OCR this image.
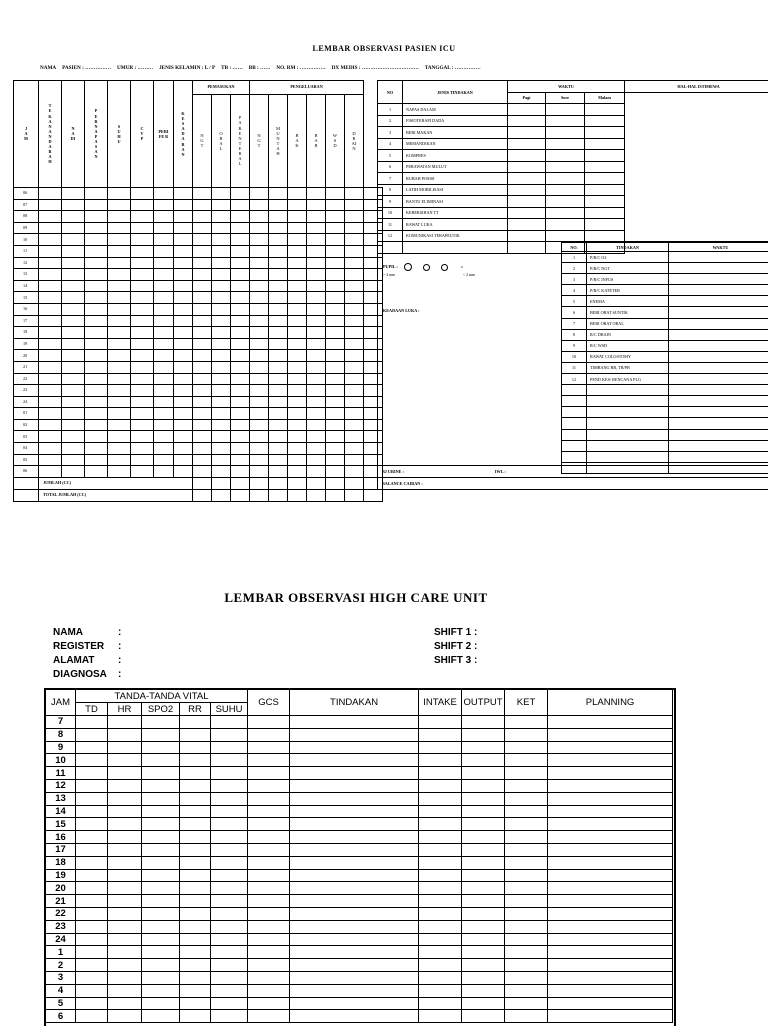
LEMBAR OBSERVASI PASIEN ICU
NAMA PASIEN : …………… UMUR : ……… JENIS KELAMIN : L / P TB : …… BB : …… NO. RM : …………… DX MEDIS : …………………………… TANGGAL : ……………
JAM	TEKANAN DARAH	NADI	PERNAPASAN	SUHU	CVP	PERI FE R	KESADARAN	PEMASUKAN			PENGELUARAN						
								NGT	ORAL	PARENTERAL	NGT	MUNTAH	BAK	BAB	WSD	DRAIN	
06																	
07																	
08																	
09																	
10																	
11																	
12																	
13																	
14																	
15																	
16																	
17																	
18																	
19																	
20																	
21																	
22																	
23																	
24																	
01																	
02																	
03																	
04																	
05																	
06																	
	JUMLAH (CC)																
	TOTAL JUMLAH (CC)																
NO	JENIS TINDAKAN	WAKTU			HAL-HAL ISTIMEWA
		Pagi	Sore	Malam	
1	NAPAS DALAM				
2	FISIOTERAPI DADA				
3	BERI MAKAN				
4	MEMANDIKAN				
5	KOMPRES				
6	PERAWATAN MULUT				
7	RUBAH POSISI				
8	LATIH MOBILISASI				
9	BANTU ELIMINASI				
10	KEBERSIHAN TT				
11	RAWAT LUKA				
12	KOMUNIKASI TERAPEUTIK				

PUPIL :	o
> 4 mm	< 2 mm
KEADAAN LUKA :
NO.	TINDAKAN	WAKTU
1	P/R/C O2	
2	P/R/C NGT	
3	P/R/C INFUS	
4	P/R/C KATETER	
5	ENEMA	
6	BERI OBAT SUNTIK	
7	BERI OBAT ORAL	
8	R/C DRAIN	
9	R/C WSD	
10	RAWAT COLOSTOMY	
11	TIMBANG BB, TB/PB	
12	PEND KES/ RENCANA PLG	

BJ URINE :	IWL :
BALANCE CAIRAN :
LEMBAR OBSERVASI HIGH CARE UNIT
NAMA	:
REGISTER :
ALAMAT :
DIAGNOSA :
SHIFT 1 :
SHIFT 2 :
SHIFT 3 :
JAM	TANDA-TANDA VITAL					GCS	TINDAKAN	INTAKE	OUTPUT	KET	PLANNING
	TD	HR	SPO2	RR	SUHU						
7											
8											
9											
10											
11											
12											
13											
14											
15											
16											
17											
18											
19											
20											
21											
22											
23											
24											
1											
2											
3											
4											
5											
6											
